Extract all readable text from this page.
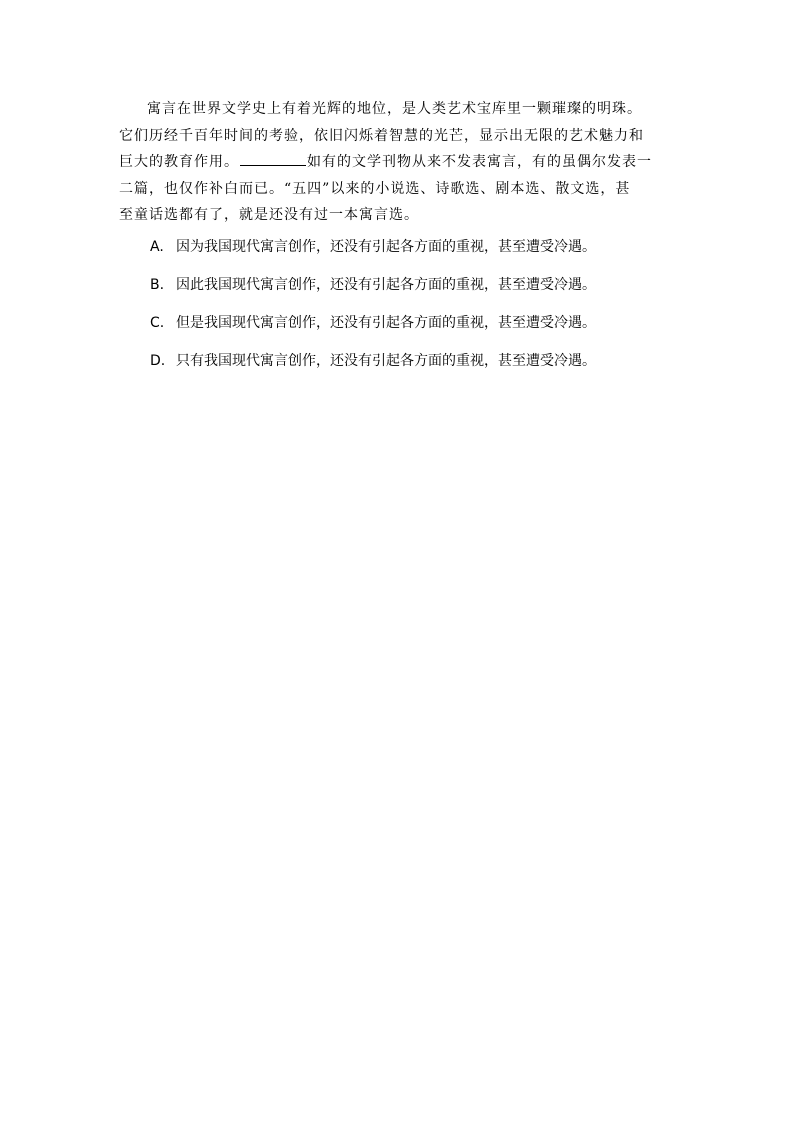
寓言在世界文学史上有着光辉的地位，是人类艺术宝库里一颗璀璨的明珠。
它们历经千百年时间的考验，依旧闪烁着智慧的光芒，显示出无限的艺术魅力和
巨大的教育作用。	如有的文学刊物从来不发表寓言，有的虽偶尔发表一
二篇，也仅作补白而已。“五四”以来的小说选、诗歌选、剧本选、散文选，甚
至童话选都有了，就是还没有过一本寓言选。
A. 因为我国现代寓言创作，还没有引起各方面的重视，甚至遭受冷遇。
B. 因此我国现代寓言创作，还没有引起各方面的重视，甚至遭受冷遇。
C. 但是我国现代寓言创作，还没有引起各方面的重视，甚至遭受冷遇。
D. 只有我国现代寓言创作，还没有引起各方面的重视，甚至遭受冷遇。
